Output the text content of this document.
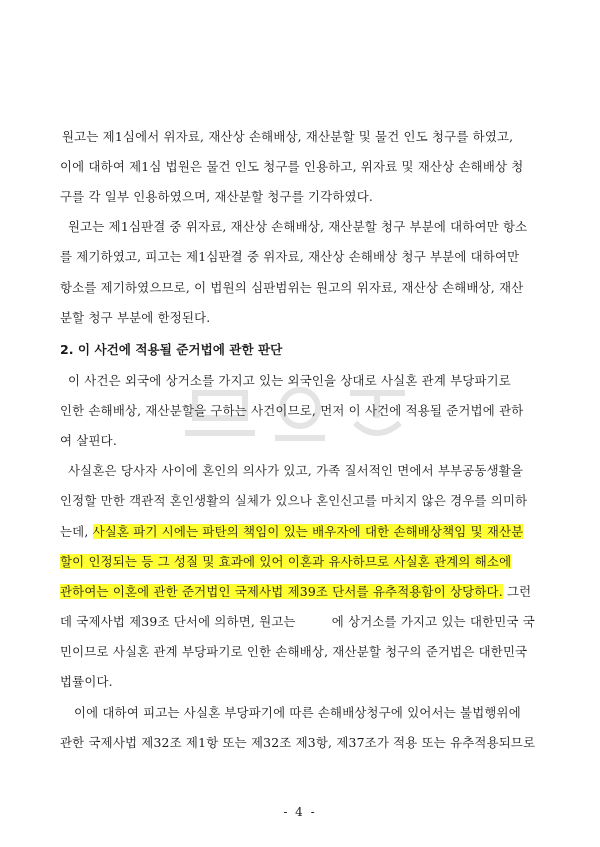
원고는 제1심에서 위자료, 재산상 손해배상, 재산분할 및 물건 인도 청구를 하였고,
이에 대하여 제1심 법원은 물건 인도 청구를 인용하고, 위자료 및 재산상 손해배상 청
구를 각 일부 인용하였으며, 재산분할 청구를 기각하였다.
원고는 제1심판결 중 위자료, 재산상 손해배상, 재산분할 청구 부분에 대하여만 항소
를 제기하였고, 피고는 제1심판결 중 위자료, 재산상 손해배상 청구 부분에 대하여만
항소를 제기하였으므로, 이 법원의 심판범위는 원고의 위자료, 재산상 손해배상, 재산
분할 청구 부분에 한정된다.
2. 이 사건에 적용될 준거법에 관한 판단
이 사건은 외국에 상거소를 가지고 있는 외국인을 상대로 사실혼 관계 부당파기로
인한 손해배상, 재산분할을 구하는 사건이므로, 먼저 이 사건에 적용될 준거법에 관하
여 살핀다.
사실혼은 당사자 사이에 혼인의 의사가 있고, 가족 질서적인 면에서 부부공동생활을
인정할 만한 객관적 혼인생활의 실체가 있으나 혼인신고를 마치지 않은 경우를 의미하
는데, 사실혼 파기 시에는 파탄의 책임이 있는 배우자에 대한 손해배상책임 및 재산분
할이 인정되는 등 그 성질 및 효과에 있어 이혼과 유사하므로 사실혼 관계의 해소에
관하여는 이혼에 관한 준거법인 국제사법 제39조 단서를 유추적용함이 상당하다. 그런
데 국제사법 제39조 단서에 의하면, 원고는	에 상거소를 가지고 있는 대한민국 국
민이므로 사실혼 관계 부당파기로 인한 손해배상, 재산분할 청구의 준거법은 대한민국
법률이다.
이에 대하여 피고는 사실혼 부당파기에 따른 손해배상청구에 있어서는 불법행위에
관한 국제사법 제32조 제1항 또는 제32조 제3항, 제37조가 적용 또는 유추적용되므로
- 4 -
